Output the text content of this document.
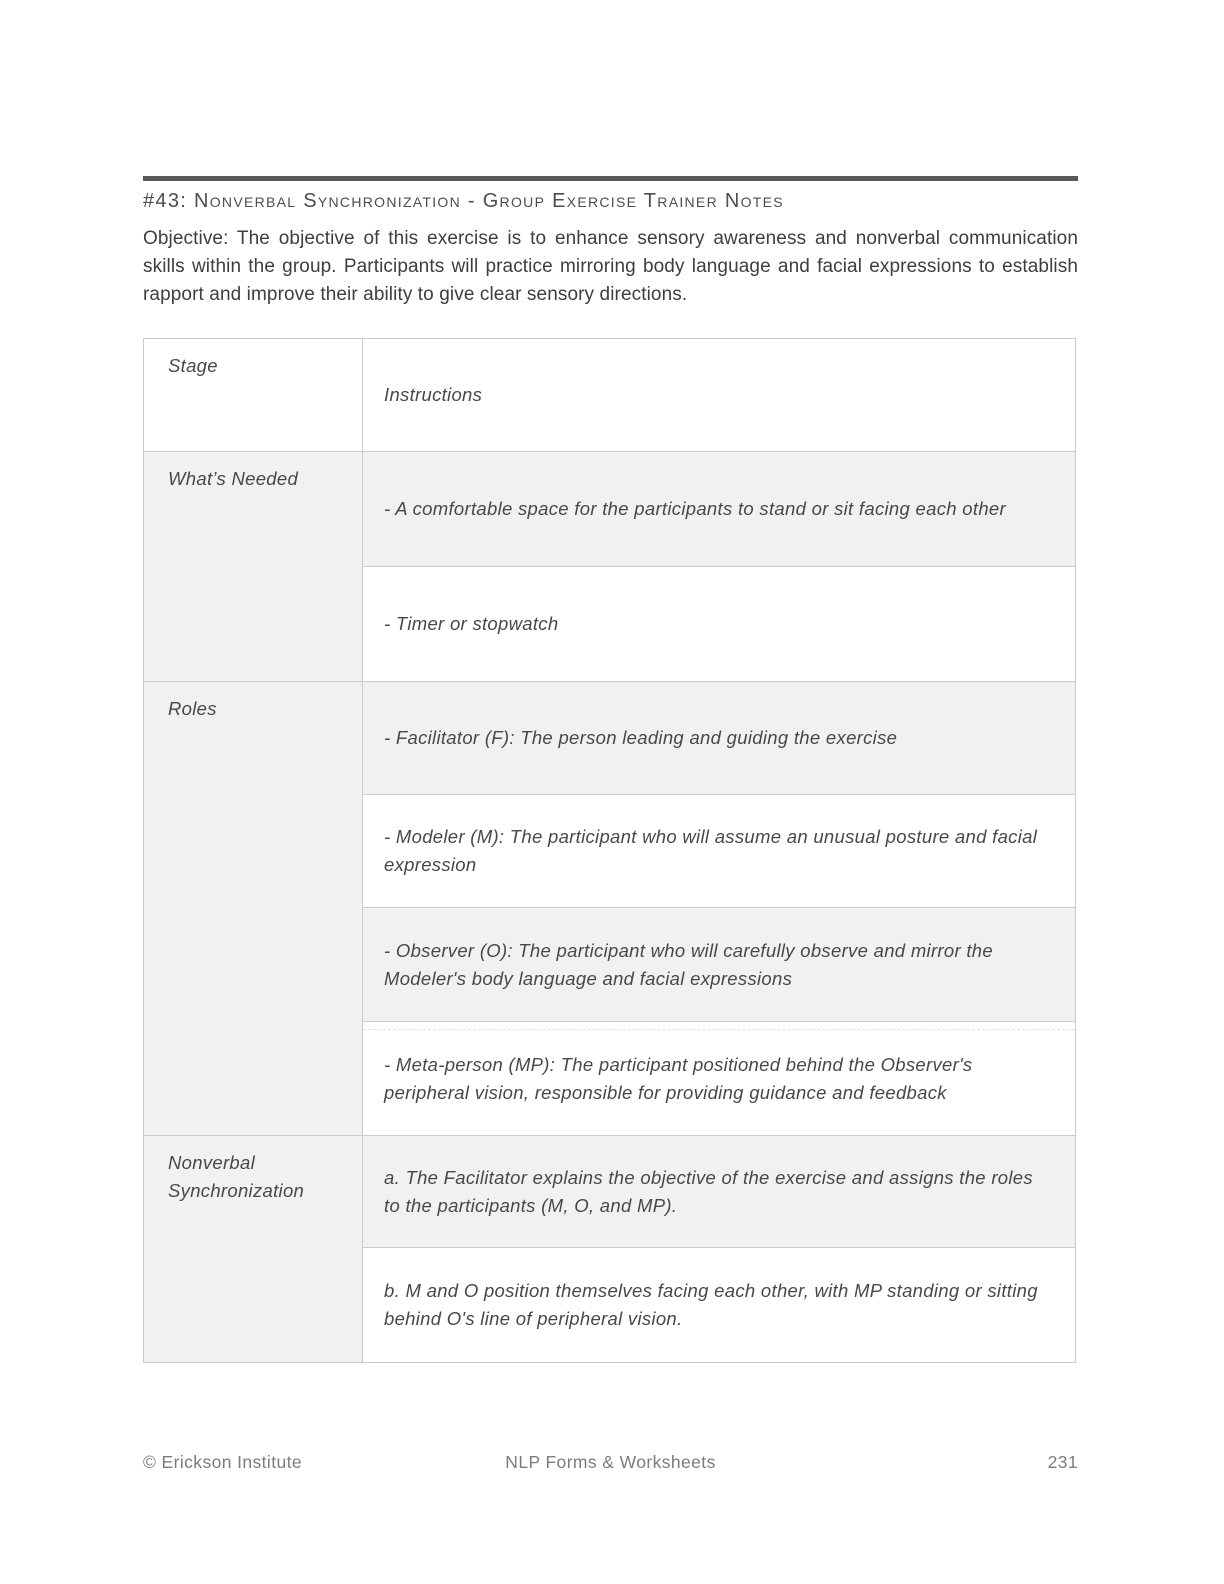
#43: Nonverbal Synchronization - Group Exercise Trainer Notes

Objective: The objective of this exercise is to enhance sensory awareness and nonverbal communication skills within the group. Participants will practice mirroring body language and facial expressions to establish rapport and improve their ability to give clear sensory directions.

Stage	Instructions
What’s Needed	- A comfortable space for the participants to stand or sit facing each other
	- Timer or stopwatch
Roles	- Facilitator (F): The person leading and guiding the exercise
	- Modeler (M): The participant who will assume an unusual posture and facial expression
	- Observer (O): The participant who will carefully observe and mirror the Modeler's body language and facial expressions
	- Meta-person (MP): The participant positioned behind the Observer's peripheral vision, responsible for providing guidance and feedback
Nonverbal Synchronization	a. The Facilitator explains the objective of the exercise and assigns the roles to the participants (M, O, and MP).
	b. M and O position themselves facing each other, with MP standing or sitting behind O's line of peripheral vision.
© Erickson Institute	NLP Forms & Worksheets	231
